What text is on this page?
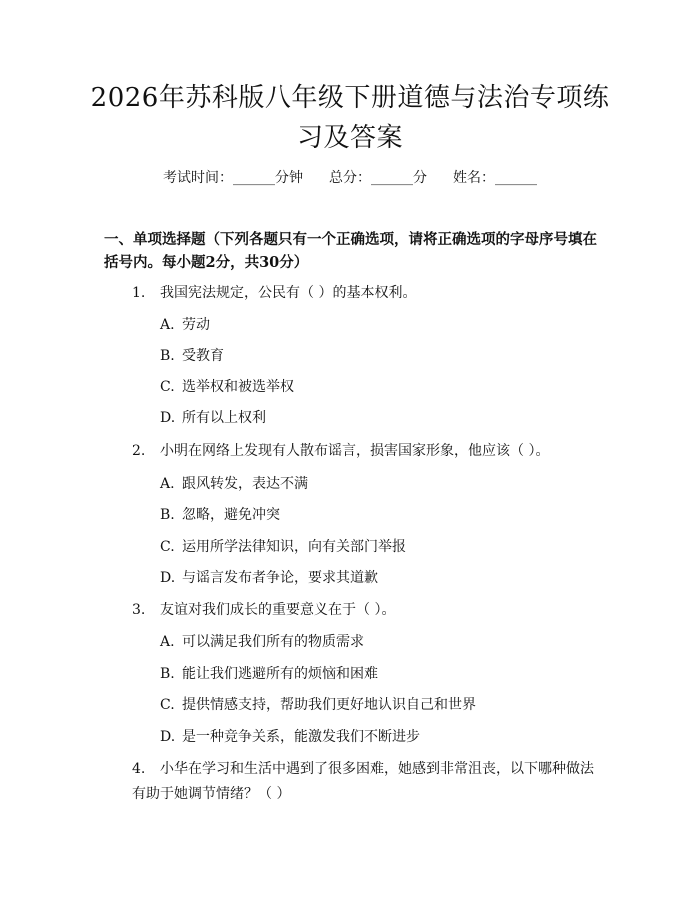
2026年苏科版八年级下册道德与法治专项练习及答案
考试时间：______分钟 总分：______分 姓名：______
一、单项选择题（下列各题只有一个正确选项，请将正确选项的字母序号填在括号内。每小题2分，共30分）
1. 我国宪法规定，公民有（ ）的基本权利。
A. 劳动
B. 受教育
C. 选举权和被选举权
D. 所有以上权利
2. 小明在网络上发现有人散布谣言，损害国家形象，他应该（ ）。
A. 跟风转发，表达不满
B. 忽略，避免冲突
C. 运用所学法律知识，向有关部门举报
D. 与谣言发布者争论，要求其道歉
3. 友谊对我们成长的重要意义在于（ ）。
A. 可以满足我们所有的物质需求
B. 能让我们逃避所有的烦恼和困难
C. 提供情感支持，帮助我们更好地认识自己和世界
D. 是一种竞争关系，能激发我们不断进步
4. 小华在学习和生活中遇到了很多困难，她感到非常沮丧，以下哪种做法有助于她调节情绪？（ ）
